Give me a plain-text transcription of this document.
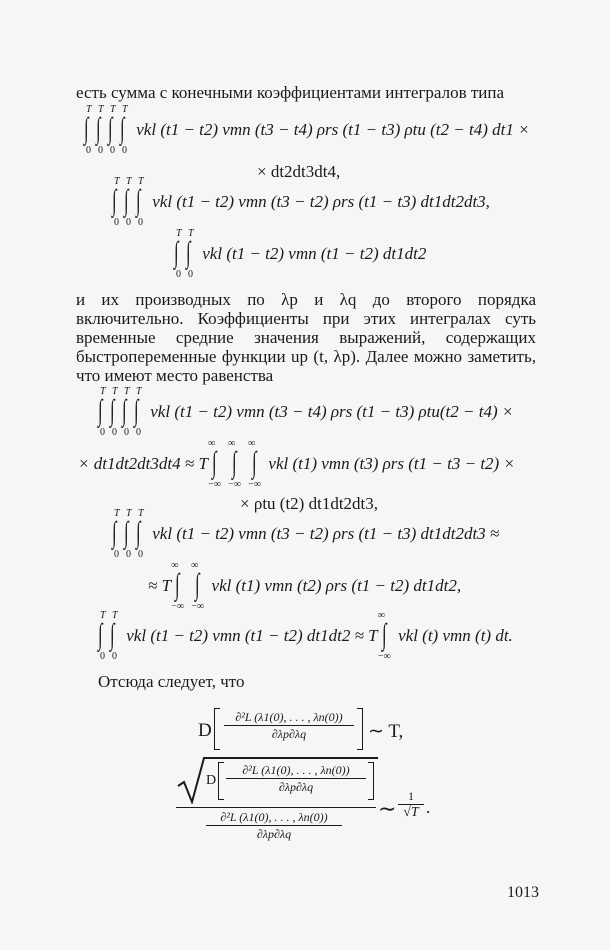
есть сумма с конечными коэффициентами интегралов типа
T
∫
0
T
∫
0
T
∫
0
T
∫
0
vkl (t1 − t2) vmn (t3 − t4) ρrs (t1 − t3) ρtu (t2 − t4) dt1 ×
× dt2dt3dt4,
T
∫
0
T
∫
0
T
∫
0
vkl (t1 − t2) vmn (t3 − t2) ρrs (t1 − t3) dt1dt2dt3,
T
∫
0
T
∫
0
vkl (t1 − t2) vmn (t1 − t2) dt1dt2
и их производных по λp и λq до второго порядка включительно. Коэффициенты при этих интегралах суть временные средние значения выражений, содержащих быстропеременные функции up (t, λp). Далее можно заметить, что имеют место равенства
T
∫
0
T
∫
0
T
∫
0
T
∫
0
vkl (t1 − t2) vmn (t3 − t4) ρrs (t1 − t3) ρtu(t2 − t4) ×
× dt1dt2dt3dt4 ≈ T
∞
∫
−∞
∞
∫
−∞
∞
∫
−∞
vkl (t1) vmn (t3) ρrs (t1 − t3 − t2) ×
× ρtu (t2) dt1dt2dt3,
T
∫
0
T
∫
0
T
∫
0
vkl (t1 − t2) vmn (t3 − t2) ρrs (t1 − t3) dt1dt2dt3 ≈
≈ T
∞
∫
−∞
∞
∫
−∞
vkl (t1) vmn (t2) ρrs (t1 − t2) dt1dt2,
T
∫
0
T
∫
0
vkl (t1 − t2) vmn (t1 − t2) dt1dt2 ≈ T
∞
∫
−∞
vkl (t) vmn (t) dt.
Отсюда следует, что
D
∂²L (λ1(0), . . . , λn(0))
∂λp∂λq	∼ T,
D
∂²L (λ1(0), . . . , λn(0))
∂λp∂λq
∂²L (λ1(0), . . . , λn(0))
∂λp∂λq
∼ 1
√T .
1013
